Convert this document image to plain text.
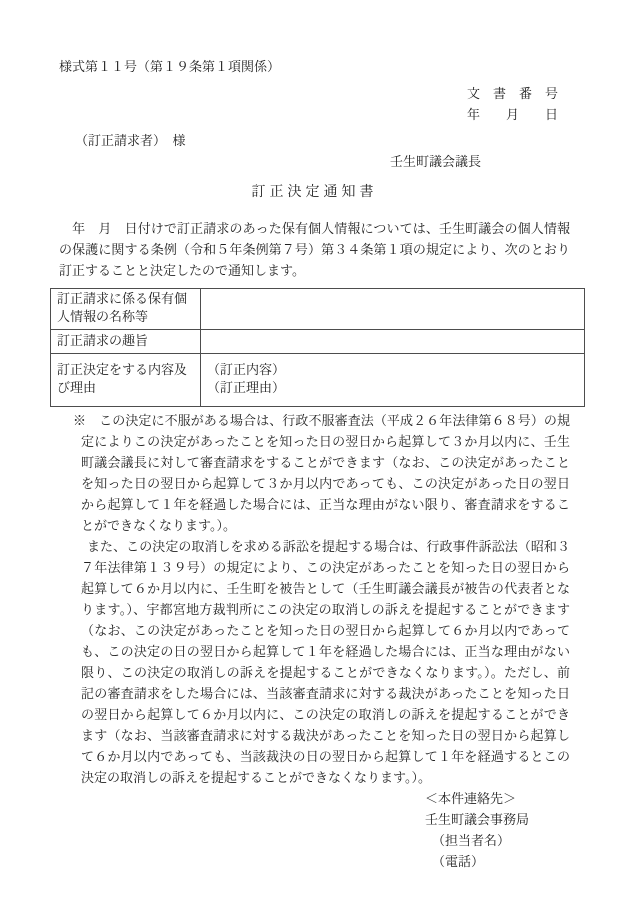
様式第１１号（第１９条第１項関係）
文　書　番　号
年　　月　　日
（訂正請求者）　様
壬生町議会議長
訂正決定通知書

　年　月　日付けで訂正請求のあった保有個人情報については、壬生町議会の個人情報の保護に関する条例（令和５年条例第７号）第３４条第１項の規定により、次のとおり訂正することと決定したので通知します。

訂正請求に係る保有個人情報の名称等	
訂正請求の趣旨	
訂正決定をする内容及び理由	（訂正内容）
（訂正理由）

※　この決定に不服がある場合は、行政不服審査法（平成２６年法律第６８号）の規定によりこの決定があったことを知った日の翌日から起算して３か月以内に、壬生町議会議長に対して審査請求をすることができます（なお、この決定があったことを知った日の翌日から起算して３か月以内であっても、この決定があった日の翌日から起算して１年を経過した場合には、正当な理由がない限り、審査請求をすることができなくなります。）。

また、この決定の取消しを求める訴訟を提起する場合は、行政事件訴訟法（昭和３７年法律第１３９号）の規定により、この決定があったことを知った日の翌日から起算して６か月以内に、壬生町を被告として（壬生町議会議長が被告の代表者となります。）、宇都宮地方裁判所にこの決定の取消しの訴えを提起することができます（なお、この決定があったことを知った日の翌日から起算して６か月以内であっても、この決定の日の翌日から起算して１年を経過した場合には、正当な理由がない限り、この決定の取消しの訴えを提起することができなくなります。）。ただし、前記の審査請求をした場合には、当該審査請求に対する裁決があったことを知った日の翌日から起算して６か月以内に、この決定の取消しの訴えを提起することができます（なお、当該審査請求に対する裁決があったことを知った日の翌日から起算して６か月以内であっても、当該裁決の日の翌日から起算して１年を経過するとこの決定の取消しの訴えを提起することができなくなります。）。

＜本件連絡先＞
壬生町議会事務局
（担当者名）
（電話）
